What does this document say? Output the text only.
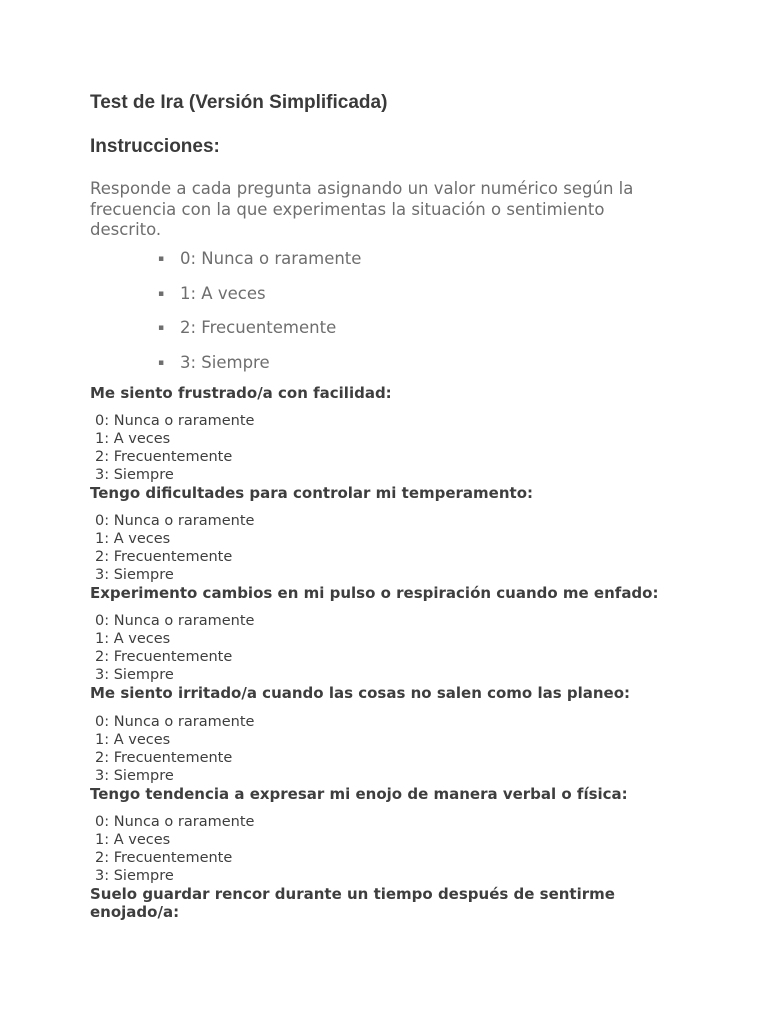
Test de Ira (Versión Simplificada)
Instrucciones:

Responde a cada pregunta asignando un valor numérico según la frecuencia con la que experimentas la situación o sentimiento descrito.

▪ 0: Nunca o raramente
▪ 1: A veces
▪ 2: Frecuentemente
▪ 3: Siempre
Me siento frustrado/a con facilidad:
0: Nunca o raramente
1: A veces
2: Frecuentemente
3: Siempre
Tengo dificultades para controlar mi temperamento:
0: Nunca o raramente
1: A veces
2: Frecuentemente
3: Siempre
Experimento cambios en mi pulso o respiración cuando me enfado:
0: Nunca o raramente
1: A veces
2: Frecuentemente
3: Siempre
Me siento irritado/a cuando las cosas no salen como las planeo:
0: Nunca o raramente
1: A veces
2: Frecuentemente
3: Siempre
Tengo tendencia a expresar mi enojo de manera verbal o física:
0: Nunca o raramente
1: A veces
2: Frecuentemente
3: Siempre
Suelo guardar rencor durante un tiempo después de sentirme enojado/a:
